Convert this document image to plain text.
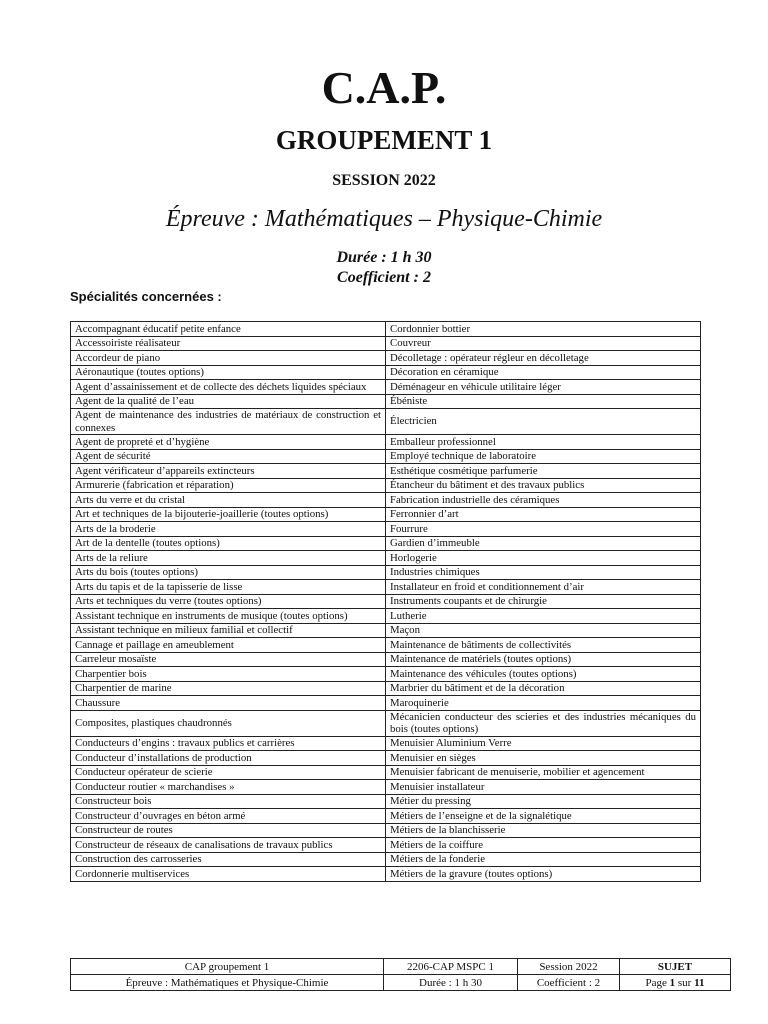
C.A.P.
GROUPEMENT 1
SESSION 2022
Épreuve : Mathématiques – Physique-Chimie
Durée : 1 h 30
Coefficient : 2
Spécialités concernées :
Accompagnant éducatif petite enfance	Cordonnier bottier
Accessoiriste réalisateur	Couvreur
Accordeur de piano	Décolletage : opérateur régleur en décolletage
Aéronautique (toutes options)	Décoration en céramique
Agent d’assainissement et de collecte des déchets liquides spéciaux	Déménageur en véhicule utilitaire léger
Agent de la qualité de l’eau	Ébéniste
Agent de maintenance des industries de matériaux de construction et connexes	Électricien
Agent de propreté et d’hygiène	Emballeur professionnel
Agent de sécurité	Employé technique de laboratoire
Agent vérificateur d’appareils extincteurs	Esthétique cosmétique parfumerie
Armurerie (fabrication et réparation)	Étancheur du bâtiment et des travaux publics
Arts du verre et du cristal	Fabrication industrielle des céramiques
Art et techniques de la bijouterie-joaillerie (toutes options)	Ferronnier d’art
Arts de la broderie	Fourrure
Art de la dentelle (toutes options)	Gardien d’immeuble
Arts de la reliure	Horlogerie
Arts du bois (toutes options)	Industries chimiques
Arts du tapis et de la tapisserie de lisse	Installateur en froid et conditionnement d’air
Arts et techniques du verre (toutes options)	Instruments coupants et de chirurgie
Assistant technique en instruments de musique (toutes options)	Lutherie
Assistant technique en milieux familial et collectif	Maçon
Cannage et paillage en ameublement	Maintenance de bâtiments de collectivités
Carreleur mosaïste	Maintenance de matériels (toutes options)
Charpentier bois	Maintenance des véhicules (toutes options)
Charpentier de marine	Marbrier du bâtiment et de la décoration
Chaussure	Maroquinerie
Composites, plastiques chaudronnés	Mécanicien conducteur des scieries et des industries mécaniques du bois (toutes options)
Conducteurs d’engins : travaux publics et carrières	Menuisier Aluminium Verre
Conducteur d’installations de production	Menuisier en sièges
Conducteur opérateur de scierie	Menuisier fabricant de menuiserie, mobilier et agencement
Conducteur routier « marchandises »	Menuisier installateur
Constructeur bois	Métier du pressing
Constructeur d’ouvrages en béton armé	Métiers de l’enseigne et de la signalétique
Constructeur de routes	Métiers de la blanchisserie
Constructeur de réseaux de canalisations de travaux publics	Métiers de la coiffure
Construction des carrosseries	Métiers de la fonderie
Cordonnerie multiservices	Métiers de la gravure (toutes options)
CAP groupement 1	2206-CAP MSPC 1	Session 2022	SUJET
Épreuve : Mathématiques et Physique-Chimie	Durée : 1 h 30	Coefficient : 2	Page 1 sur 11
